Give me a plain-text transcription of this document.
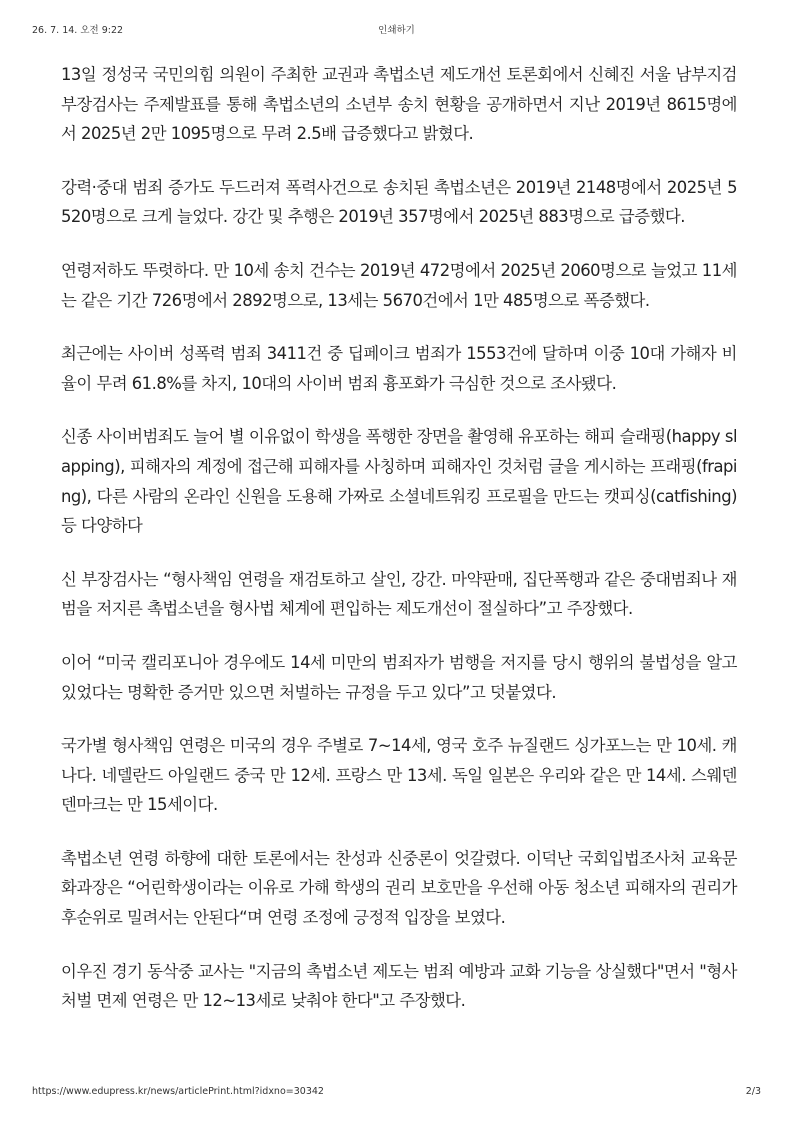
26. 7. 14. 오전 9:22	인쇄하기

13일 정성국 국민의힘 의원이 주최한 교권과 촉법소년 제도개선 토론회에서 신혜진 서울 남부지검 부장검사는 주제발표를 통해 촉법소년의 소년부 송치 현황을 공개하면서 지난 2019년 8615명에서 2025년 2만 1095명으로 무려 2.5배 급증했다고 밝혔다.

강력·중대 범죄 증가도 두드러져 폭력사건으로 송치된 촉법소년은 2019년 2148명에서 2025년 5520명으로 크게 늘었다. 강간 및 추행은 2019년 357명에서 2025년 883명으로 급증했다.

연령저하도 뚜렷하다. 만 10세 송치 건수는 2019년 472명에서 2025년 2060명으로 늘었고 11세는 같은 기간 726명에서 2892명으로, 13세는 5670건에서 1만 485명으로 폭증했다.

최근에는 사이버 성폭력 범죄 3411건 중 딥페이크 범죄가 1553건에 달하며 이중 10대 가해자 비율이 무려 61.8%를 차지, 10대의 사이버 범죄 흉포화가 극심한 것으로 조사됐다.

신종 사이버범죄도 늘어 별 이유없이 학생을 폭행한 장면을 촬영해 유포하는 해피 슬래핑(happy slapping), 피해자의 계정에 접근해 피해자를 사칭하며 피해자인 것처럼 글을 게시하는 프래핑(fraping), 다른 사람의 온라인 신원을 도용해 가짜로 소셜네트워킹 프로필을 만드는 캣피싱(catfishing) 등 다양하다

신 부장검사는 “형사책임 연령을 재검토하고 살인, 강간. 마약판매, 집단폭행과 같은 중대범죄나 재범을 저지른 촉법소년을 형사법 체계에 편입하는 제도개선이 절실하다”고 주장했다.

이어 “미국 캘리포니아 경우에도 14세 미만의 범죄자가 범행을 저지를 당시 행위의 불법성을 알고 있었다는 명확한 증거만 있으면 처벌하는 규정을 두고 있다”고 덧붙였다.

국가별 형사책임 연령은 미국의 경우 주별로 7~14세, 영국 호주 뉴질랜드 싱가포느는 만 10세. 캐나다. 네델란드 아일랜드 중국 만 12세. 프랑스 만 13세. 독일 일본은 우리와 같은 만 14세. 스웨덴 덴마크는 만 15세이다.

촉법소년 연령 하향에 대한 토론에서는 찬성과 신중론이 엇갈렸다. 이덕난 국회입법조사처 교육문화과장은 “어린학생이라는 이유로 가해 학생의 권리 보호만을 우선해 아동 청소년 피해자의 권리가 후순위로 밀려서는 안된다“며 연령 조정에 긍정적 입장을 보였다.

이우진 경기 동삭중 교사는 "지금의 촉법소년 제도는 범죄 예방과 교화 기능을 상실했다"면서 "형사처벌 면제 연령은 만 12~13세로 낮춰야 한다"고 주장했다.

https://www.edupress.kr/news/articlePrint.html?idxno=30342	2/3
